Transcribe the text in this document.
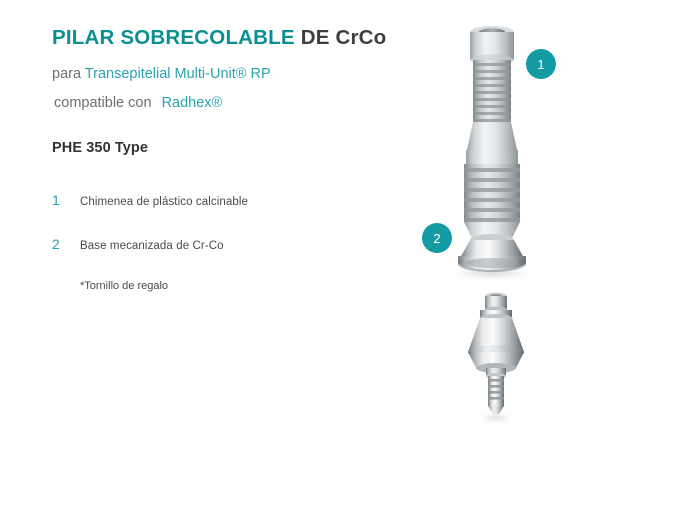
PILAR SOBRECOLABLE DE CrCo

para Transepitelial Multi-Unit® RP

compatible con Radhex®

PHE 350 Type
1	Chimenea de plástico calcinable
2	Base mecanizada de Cr-Co
*Tornillo de regalo
1
2
